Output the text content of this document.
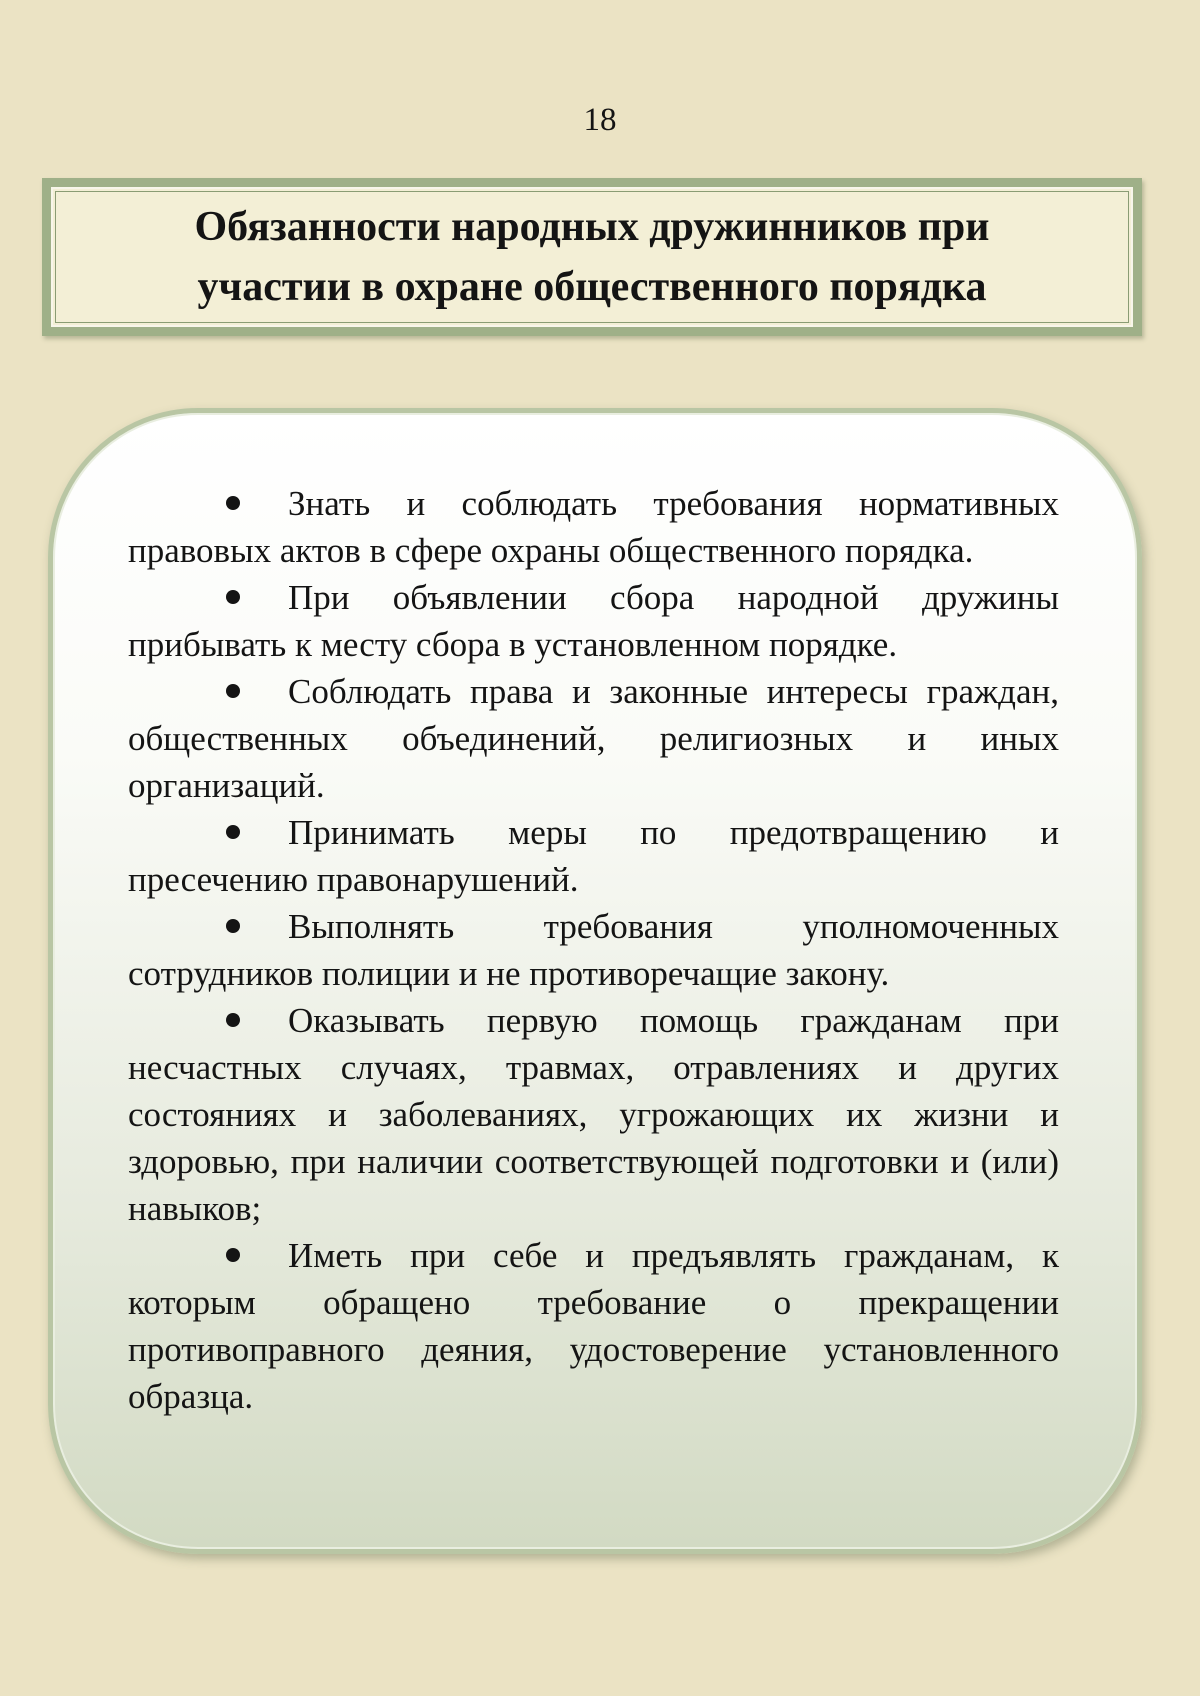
18
Обязанности народных дружинников при
участии в охране общественного порядка

Знать и соблюдать требования нормативных правовых актов в сфере охраны общественного порядка.

При объявлении сбора народной дружины прибывать к месту сбора в установленном порядке.

Соблюдать права и законные интересы граждан, общественных объединений, религиозных и иных организаций.

Принимать меры по предотвращению и пресечению правонарушений.

Выполнять требования уполномоченных сотрудников полиции и не противоречащие закону.

Оказывать первую помощь гражданам при несчастных случаях, травмах, отравлениях и других состояниях и заболеваниях, угрожающих их жизни и здоровью, при наличии соответствующей подготовки и (или) навыков;

Иметь при себе и предъявлять гражданам, к которым обращено требование о прекращении противоправного деяния, удостоверение установленного образца.
